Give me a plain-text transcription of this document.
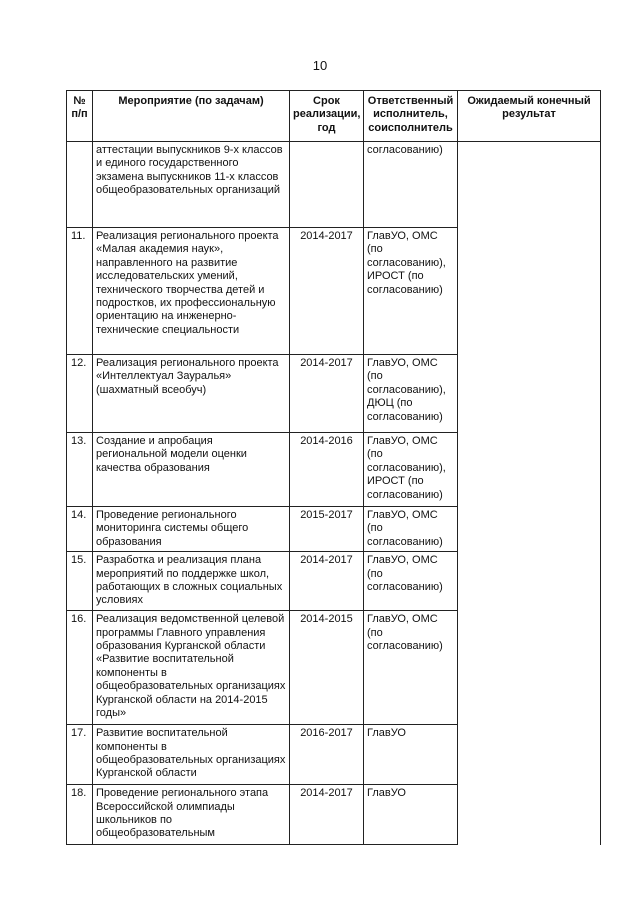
10
№ п/п	Мероприятие (по задачам)	Срок реализации, год	Ответственный исполнитель, соисполнитель	Ожидаемый конечный результат
	аттестации выпускников 9-х классов и единого государственного экзамена выпускников 11-х классов общеобразовательных организаций		согласованию)	
11.	Реализация регионального проекта «Малая академия наук», направленного на развитие исследовательских умений, технического творчества детей и подростков, их профессиональную ориентацию на инженерно-технические специальности	2014-2017	ГлавУО, ОМС (по согласованию), ИРОСТ (по согласованию)	
12.	Реализация регионального проекта «Интеллектуал Зауралья» (шахматный всеобуч)	2014-2017	ГлавУО, ОМС (по согласованию), ДЮЦ (по согласованию)	
13.	Создание и апробация региональной модели оценки качества образования	2014-2016	ГлавУО, ОМС (по согласованию), ИРОСТ (по согласованию)	
14.	Проведение регионального мониторинга системы общего образования	2015-2017	ГлавУО, ОМС (по согласованию)	
15.	Разработка и реализация плана мероприятий по поддержке школ, работающих в сложных социальных условиях	2014-2017	ГлавУО, ОМС (по согласованию)	
16.	Реализация ведомственной целевой программы Главного управления образования Курганской области «Развитие воспитательной компоненты в общеобразовательных организациях Курганской области на 2014-2015 годы»	2014-2015	ГлавУО, ОМС (по согласованию)	
17.	Развитие воспитательной компоненты в общеобразовательных организациях Курганской области	2016-2017	ГлавУО	
18.	Проведение регионального этапа Всероссийской олимпиады школьников по общеобразовательным	2014-2017	ГлавУО	
